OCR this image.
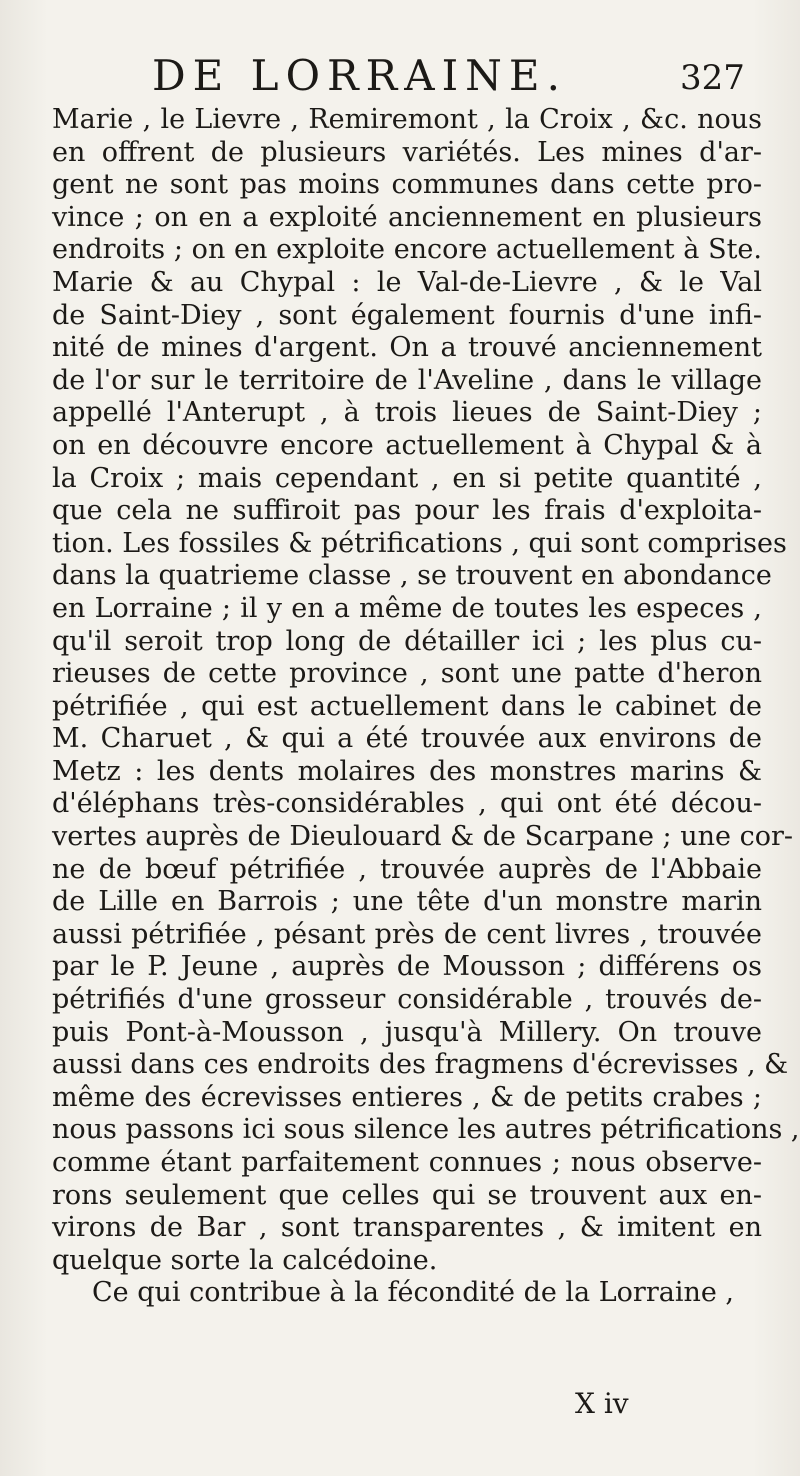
DE LORRAINE.	327
Marie , le Lievre , Remiremont , la Croix , &c. nous
en offrent de plusieurs variétés. Les mines d'ar-
gent ne sont pas moins communes dans cette pro-
vince ; on en a exploité anciennement en plusieurs
endroits ; on en exploite encore actuellement à Ste.
Marie & au Chypal : le Val-de-Lievre , & le Val
de Saint-Diey , sont également fournis d'une infi-
nité de mines d'argent. On a trouvé anciennement
de l'or sur le territoire de l'Aveline , dans le village
appellé l'Anterupt , à trois lieues de Saint-Diey ;
on en découvre encore actuellement à Chypal & à
la Croix ; mais cependant , en si petite quantité ,
que cela ne suffiroit pas pour les frais d'exploita-
tion. Les fossiles & pétrifications , qui sont comprises
dans la quatrieme classe , se trouvent en abondance
en Lorraine ; il y en a même de toutes les especes ,
qu'il seroit trop long de détailler ici ; les plus cu-
rieuses de cette province , sont une patte d'heron
pétrifiée , qui est actuellement dans le cabinet de
M. Charuet , & qui a été trouvée aux environs de
Metz : les dents molaires des monstres marins &
d'éléphans très-considérables , qui ont été décou-
vertes auprès de Dieulouard & de Scarpane ; une cor-
ne de bœuf pétrifiée , trouvée auprès de l'Abbaie
de Lille en Barrois ; une tête d'un monstre marin
aussi pétrifiée , pésant près de cent livres , trouvée
par le P. Jeune , auprès de Mousson ; différens os
pétrifiés d'une grosseur considérable , trouvés de-
puis Pont-à-Mousson , jusqu'à Millery. On trouve
aussi dans ces endroits des fragmens d'écrevisses , &
même des écrevisses entieres , & de petits crabes ;
nous passons ici sous silence les autres pétrifications ,
comme étant parfaitement connues ; nous observe-
rons seulement que celles qui se trouvent aux en-
virons de Bar , sont transparentes , & imitent en
quelque sorte la calcédoine.
Ce qui contribue à la fécondité de la Lorraine ,
X iv
